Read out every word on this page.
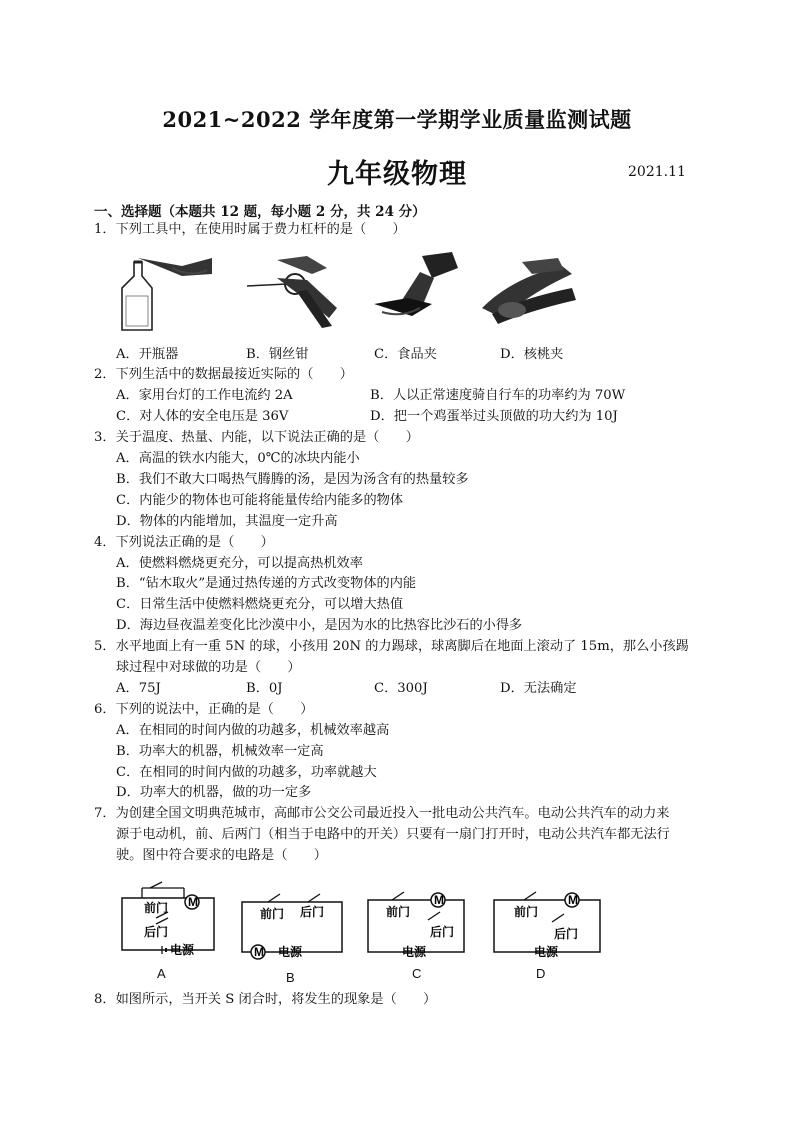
2021~2022 学年度第一学期学业质量监测试题
九年级物理	2021.11
一、选择题（本题共 12 题，每小题 2 分，共 24 分）
1．下列工具中，在使用时属于费力杠杆的是（　　）
A．开瓶器	B．钢丝钳	C．食品夹	D．核桃夹
2．下列生活中的数据最接近实际的（　　）
A．家用台灯的工作电流约 2A	B．人以正常速度骑自行车的功率约为 70W
C．对人体的安全电压是 36V	D．把一个鸡蛋举过头顶做的功大约为 10J
3．关于温度、热量、内能，以下说法正确的是（　　）
A．高温的铁水内能大，0℃的冰块内能小
B．我们不敢大口喝热气腾腾的汤，是因为汤含有的热量较多
C．内能少的物体也可能将能量传给内能多的物体
D．物体的内能增加，其温度一定升高
4．下列说法正确的是（　　）
A．使燃料燃烧更充分，可以提高热机效率
B．“钻木取火”是通过热传递的方式改变物体的内能
C．日常生活中使燃料燃烧更充分，可以增大热值
D．海边昼夜温差变化比沙漠中小，是因为水的比热容比沙石的小得多
5．水平地面上有一重 5N 的球，小孩用 20N 的力踢球，球离脚后在地面上滚动了 15m，那么小孩踢
球过程中对球做的功是（　　）
A．75J	B．0J	C．300J	D．无法确定
6．下列的说法中，正确的是（　　）
A．在相同的时间内做的功越多，机械效率越高
B．功率大的机器，机械效率一定高
C．在相同的时间内做的功越多，功率就越大
D．功率大的机器，做的功一定多
7．为创建全国文明典范城市，高邮市公交公司最近投入一批电动公共汽车。电动公共汽车的动力来
源于电动机，前、后两门（相当于电路中的开关）只要有一扇门打开时，电动公共汽车都无法行
驶。图中符合要求的电路是（　　）
M
前门
后门
电源
前门 后门
M 电源
M
前门
后门
电源
M
前门
后门
电源
A	B	C	D
8．如图所示，当开关 S 闭合时，将发生的现象是（　　）
